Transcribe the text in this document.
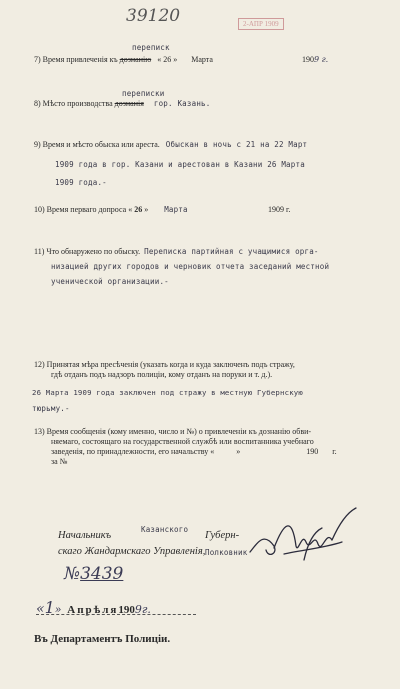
39120	2-АПР 1909
переписк
7) Время привлеченія къ дознанію « 26 » Марта	1909 г.
переписки
8) Мѣсто производства дознанія гор. Казань.
9) Время и мѣсто обыска или ареста. Обыскан в ночь с 21 на 22 Март
1909 года в гор. Казани и арестован в Казани 26 Марта
1909 года.-
10) Время перваго допроса « 26 » Марта	1909 г.
11) Что обнаружено по обыску. Переписка партийная с учащимися орга-
низацией других городов и черновик отчета заседаний местной
ученической организации.-
12) Принятая мѣра пресѣченія (указать когда и куда заключенъ подъ стражу,
гдѣ отданъ подъ надзоръ полиціи, кому отданъ на поруки и т. д.).
26 Марта 1909 года заключен под стражу в местную Губернскую
тюрьму.-
13) Время сообщенія (кому именно, число и №) о привлеченіи къ дознанію обви-
няемаго, состоящаго на государственной службѣ или воспитанника учебнаго
заведенія, по принадлежности, его начальству «	»	190 г.
за №
Начальникъ
Казанского
Губерн-
скаго Жандармскаго Управленія, Полковник
№3439
«1» Апрѣля1909г.
Въ Департаментъ Полиціи.
